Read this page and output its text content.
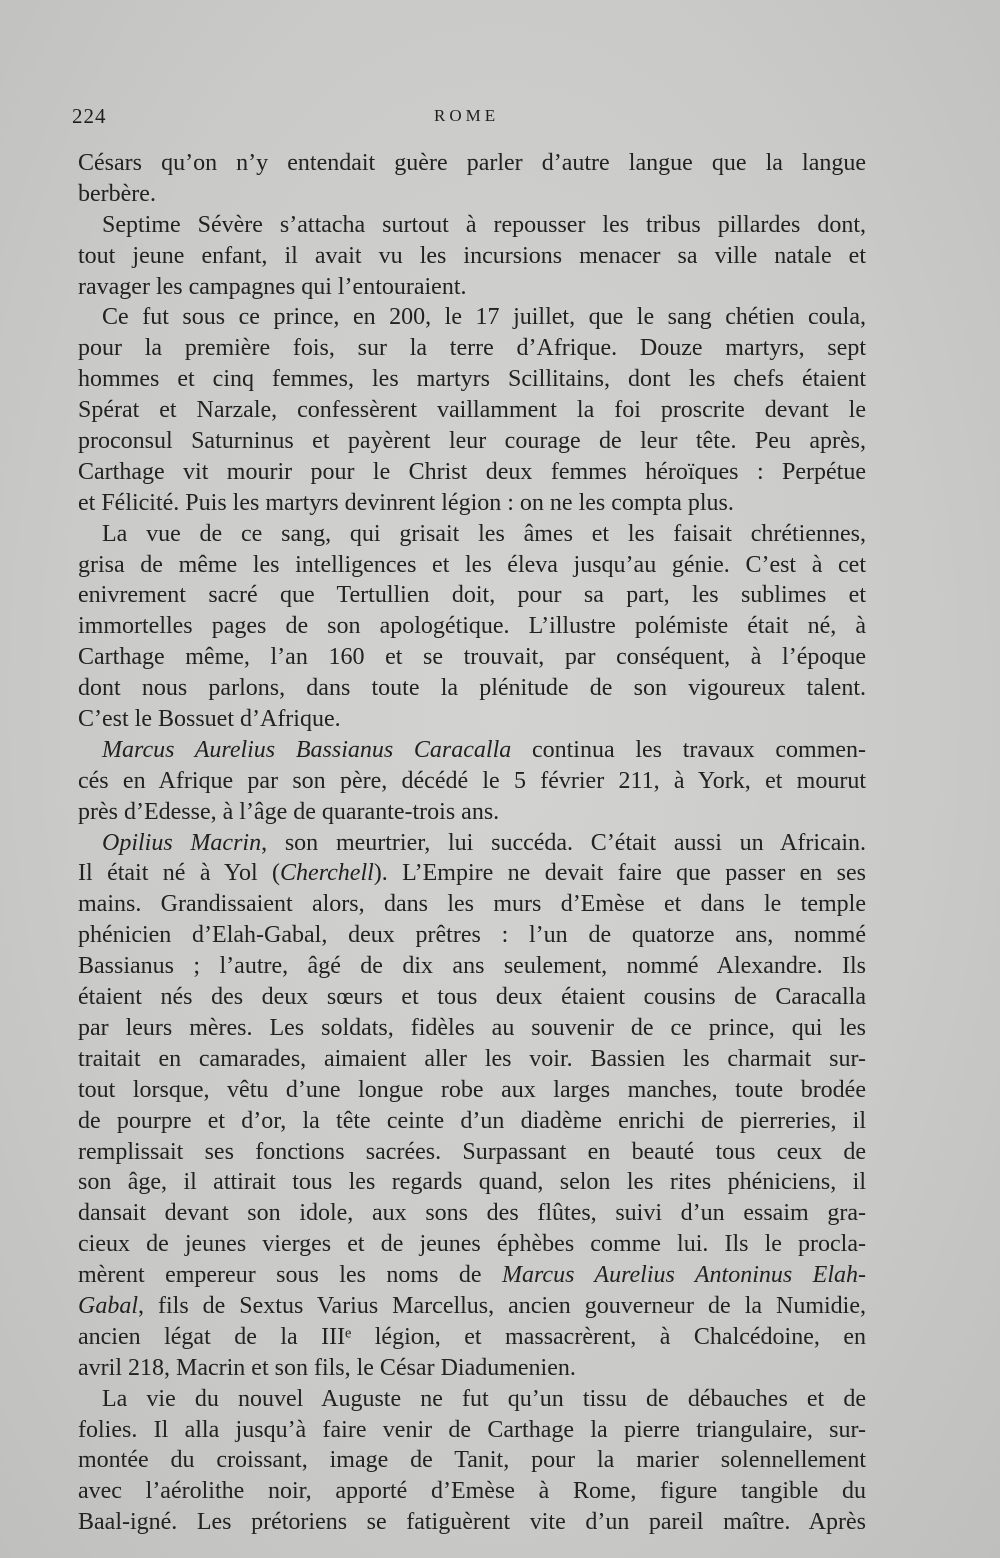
224	ROME
Césars qu’on n’y entendait guère parler d’autre langue que la langue
berbère.
Septime Sévère s’attacha surtout à repousser les tribus pillardes dont,
tout jeune enfant, il avait vu les incursions menacer sa ville natale et
ravager les campagnes qui l’entouraient.
Ce fut sous ce prince, en 200, le 17 juillet, que le sang chétien coula,
pour la première fois, sur la terre d’Afrique. Douze martyrs, sept
hommes et cinq femmes, les martyrs Scillitains, dont les chefs étaient
Spérat et Narzale, confessèrent vaillamment la foi proscrite devant le
proconsul Saturninus et payèrent leur courage de leur tête. Peu après,
Carthage vit mourir pour le Christ deux femmes héroïques : Perpétue
et Félicité. Puis les martyrs devinrent légion : on ne les compta plus.
La vue de ce sang, qui grisait les âmes et les faisait chrétiennes,
grisa de même les intelligences et les éleva jusqu’au génie. C’est à cet
enivrement sacré que Tertullien doit, pour sa part, les sublimes et
immortelles pages de son apologétique. L’illustre polémiste était né, à
Carthage même, l’an 160 et se trouvait, par conséquent, à l’époque
dont nous parlons, dans toute la plénitude de son vigoureux talent.
C’est le Bossuet d’Afrique.
Marcus Aurelius Bassianus Caracalla continua les travaux commen-
cés en Afrique par son père, décédé le 5 février 211, à York, et mourut
près d’Edesse, à l’âge de quarante-trois ans.
Opilius Macrin, son meurtrier, lui succéda. C’était aussi un Africain.
Il était né à Yol (Cherchell). L’Empire ne devait faire que passer en ses
mains. Grandissaient alors, dans les murs d’Emèse et dans le temple
phénicien d’Elah-Gabal, deux prêtres : l’un de quatorze ans, nommé
Bassianus ; l’autre, âgé de dix ans seulement, nommé Alexandre. Ils
étaient nés des deux sœurs et tous deux étaient cousins de Caracalla
par leurs mères. Les soldats, fidèles au souvenir de ce prince, qui les
traitait en camarades, aimaient aller les voir. Bassien les charmait sur-
tout lorsque, vêtu d’une longue robe aux larges manches, toute brodée
de pourpre et d’or, la tête ceinte d’un diadème enrichi de pierreries, il
remplissait ses fonctions sacrées. Surpassant en beauté tous ceux de
son âge, il attirait tous les regards quand, selon les rites phéniciens, il
dansait devant son idole, aux sons des flûtes, suivi d’un essaim gra-
cieux de jeunes vierges et de jeunes éphèbes comme lui. Ils le procla-
mèrent empereur sous les noms de Marcus Aurelius Antoninus Elah-
Gabal, fils de Sextus Varius Marcellus, ancien gouverneur de la Numidie,
ancien légat de la IIIᵉ légion, et massacrèrent, à Chalcédoine, en
avril 218, Macrin et son fils, le César Diadumenien.
La vie du nouvel Auguste ne fut qu’un tissu de débauches et de
folies. Il alla jusqu’à faire venir de Carthage la pierre triangulaire, sur-
montée du croissant, image de Tanit, pour la marier solennellement
avec l’aérolithe noir, apporté d’Emèse à Rome, figure tangible du
Baal-igné. Les prétoriens se fatiguèrent vite d’un pareil maître. Après
